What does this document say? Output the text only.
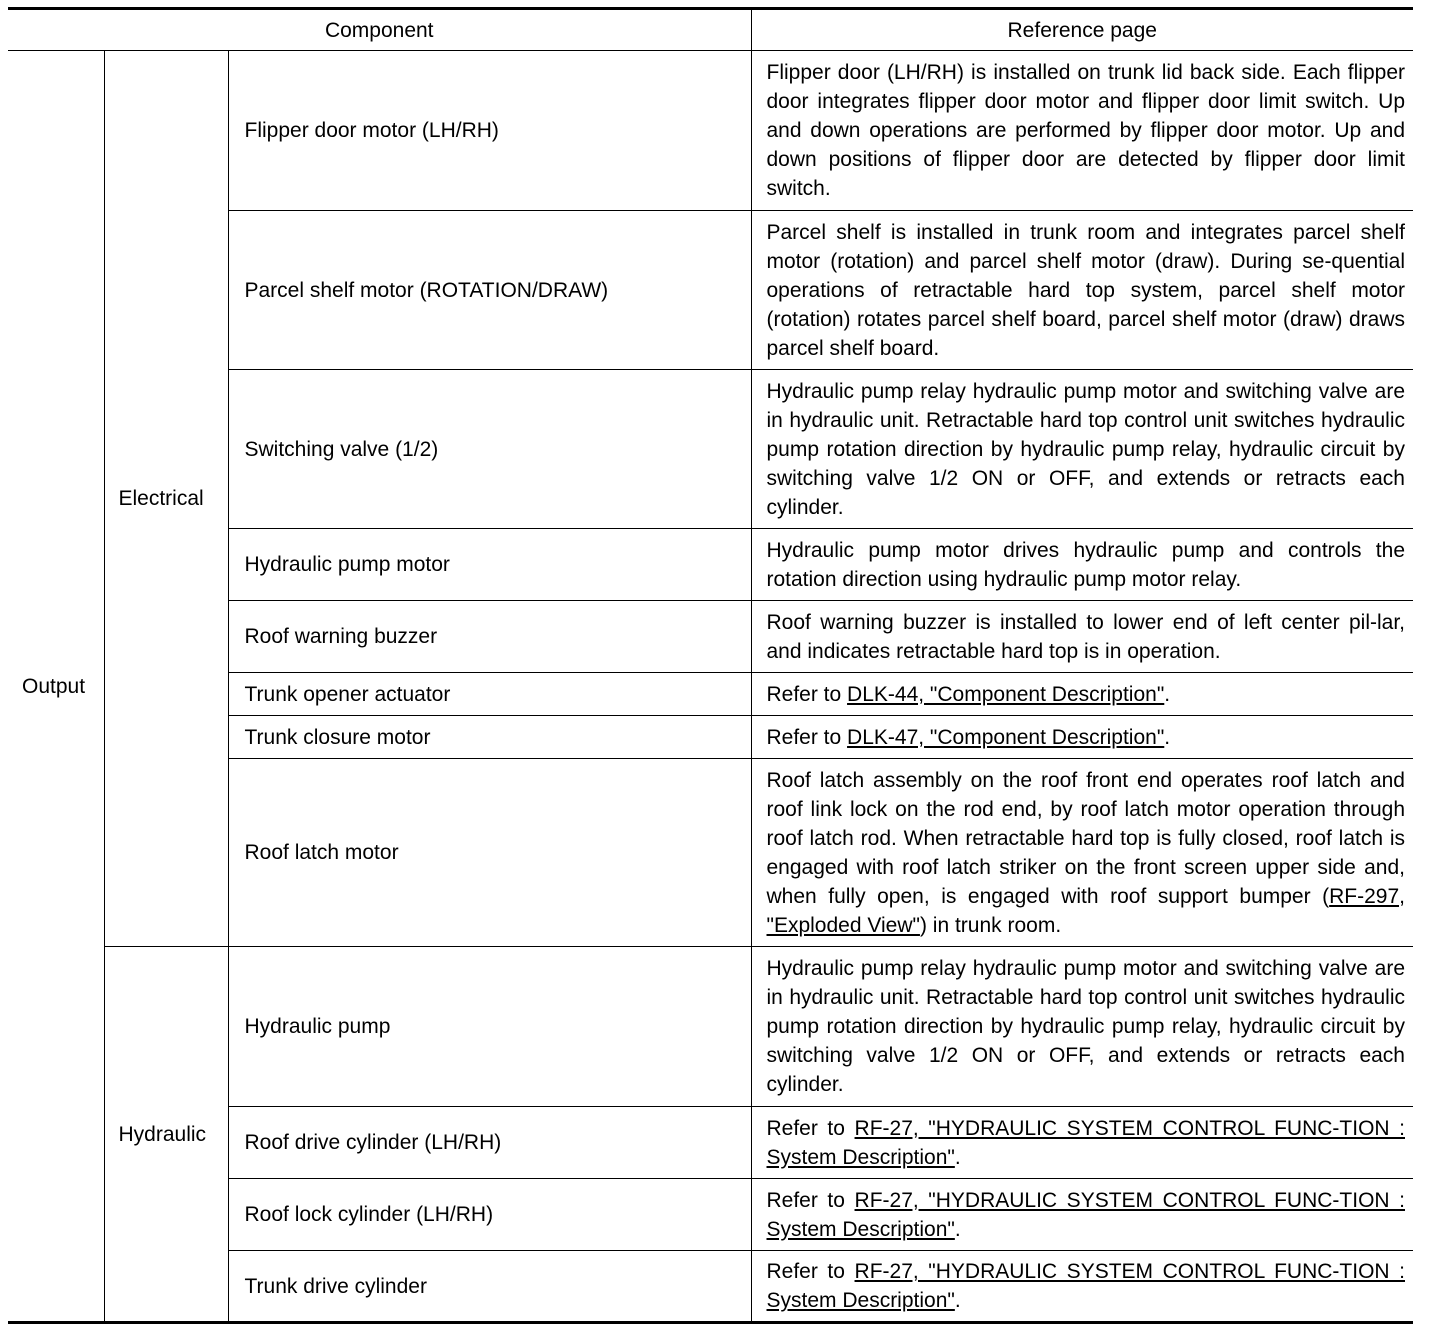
Component			Reference page
Output	Electrical	Flipper door motor (LH/RH)	Flipper door (LH/RH) is installed on trunk lid back side. Each flipper door integrates flipper door motor and flipper door limit switch. Up and down operations are performed by flipper door motor. Up and down positions of flipper door are detected by flipper door limit switch.
		Parcel shelf motor (ROTATION/DRAW)	Parcel shelf is installed in trunk room and integrates parcel shelf motor (rotation) and parcel shelf motor (draw). During se-quential operations of retractable hard top system, parcel shelf motor (rotation) rotates parcel shelf board, parcel shelf motor (draw) draws parcel shelf board.
		Switching valve (1/2)	Hydraulic pump relay hydraulic pump motor and switching valve are in hydraulic unit. Retractable hard top control unit switches hydraulic pump rotation direction by hydraulic pump relay, hydraulic circuit by switching valve 1/2 ON or OFF, and extends or retracts each cylinder.
		Hydraulic pump motor	Hydraulic pump motor drives hydraulic pump and controls the rotation direction using hydraulic pump motor relay.
		Roof warning buzzer	Roof warning buzzer is installed to lower end of left center pil-lar, and indicates retractable hard top is in operation.
		Trunk opener actuator	Refer to DLK-44, "Component Description".
		Trunk closure motor	Refer to DLK-47, "Component Description".
		Roof latch motor	Roof latch assembly on the roof front end operates roof latch and roof link lock on the rod end, by roof latch motor operation through roof latch rod. When retractable hard top is fully closed, roof latch is engaged with roof latch striker on the front screen upper side and, when fully open, is engaged with roof support bumper (RF-297, "Exploded View") in trunk room.
	Hydraulic	Hydraulic pump	Hydraulic pump relay hydraulic pump motor and switching valve are in hydraulic unit. Retractable hard top control unit switches hydraulic pump rotation direction by hydraulic pump relay, hydraulic circuit by switching valve 1/2 ON or OFF, and extends or retracts each cylinder.
		Roof drive cylinder (LH/RH)	Refer to RF-27, "HYDRAULIC SYSTEM CONTROL FUNC-TION : System Description".
		Roof lock cylinder (LH/RH)	Refer to RF-27, "HYDRAULIC SYSTEM CONTROL FUNC-TION : System Description".
		Trunk drive cylinder	Refer to RF-27, "HYDRAULIC SYSTEM CONTROL FUNC-TION : System Description".
